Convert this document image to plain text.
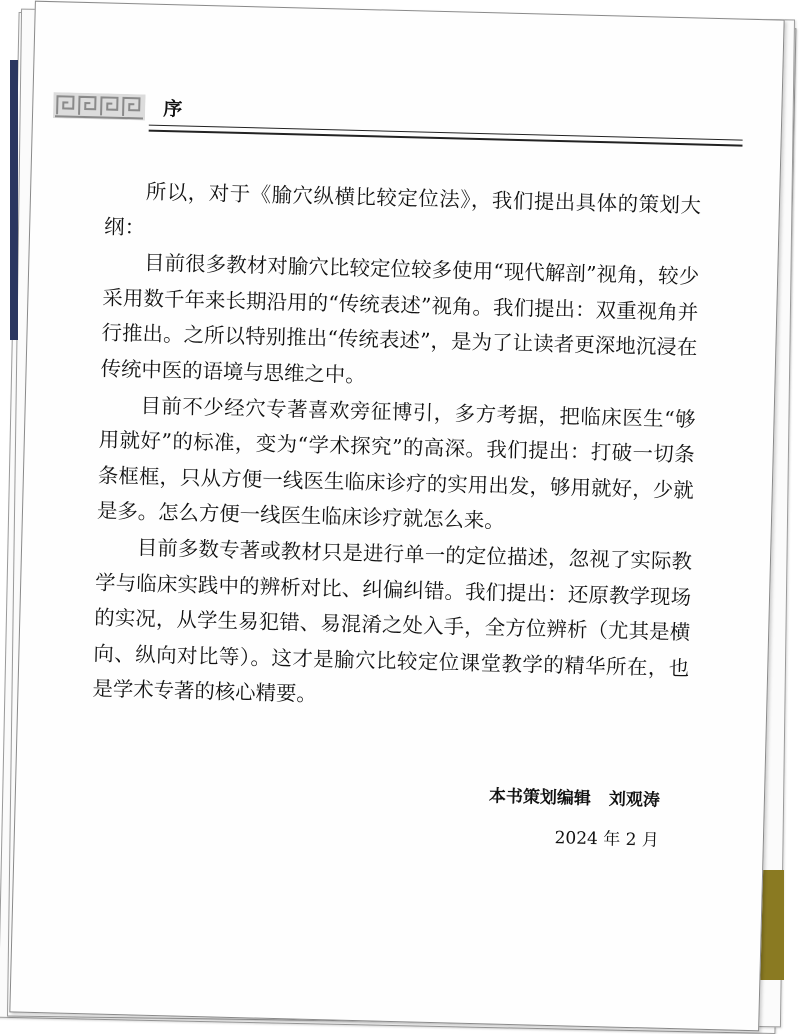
序

所以，对于《腧穴纵横比较定位法》，我们提出具体的策划大纲：

目前很多教材对腧穴比较定位较多使用“现代解剖”视角，较少采用数千年来长期沿用的“传统表述”视角。我们提出：双重视角并行推出。之所以特别推出“传统表述”，是为了让读者更深地沉浸在传统中医的语境与思维之中。

目前不少经穴专著喜欢旁征博引，多方考据，把临床医生“够用就好”的标准，变为“学术探究”的高深。我们提出：打破一切条条框框，只从方便一线医生临床诊疗的实用出发，够用就好，少就是多。怎么方便一线医生临床诊疗就怎么来。

目前多数专著或教材只是进行单一的定位描述，忽视了实际教学与临床实践中的辨析对比、纠偏纠错。我们提出：还原教学现场的实况，从学生易犯错、易混淆之处入手，全方位辨析（尤其是横向、纵向对比等）。这才是腧穴比较定位课堂教学的精华所在，也是学术专著的核心精要。

本书策划编辑 刘观涛
2024 年 2 月
